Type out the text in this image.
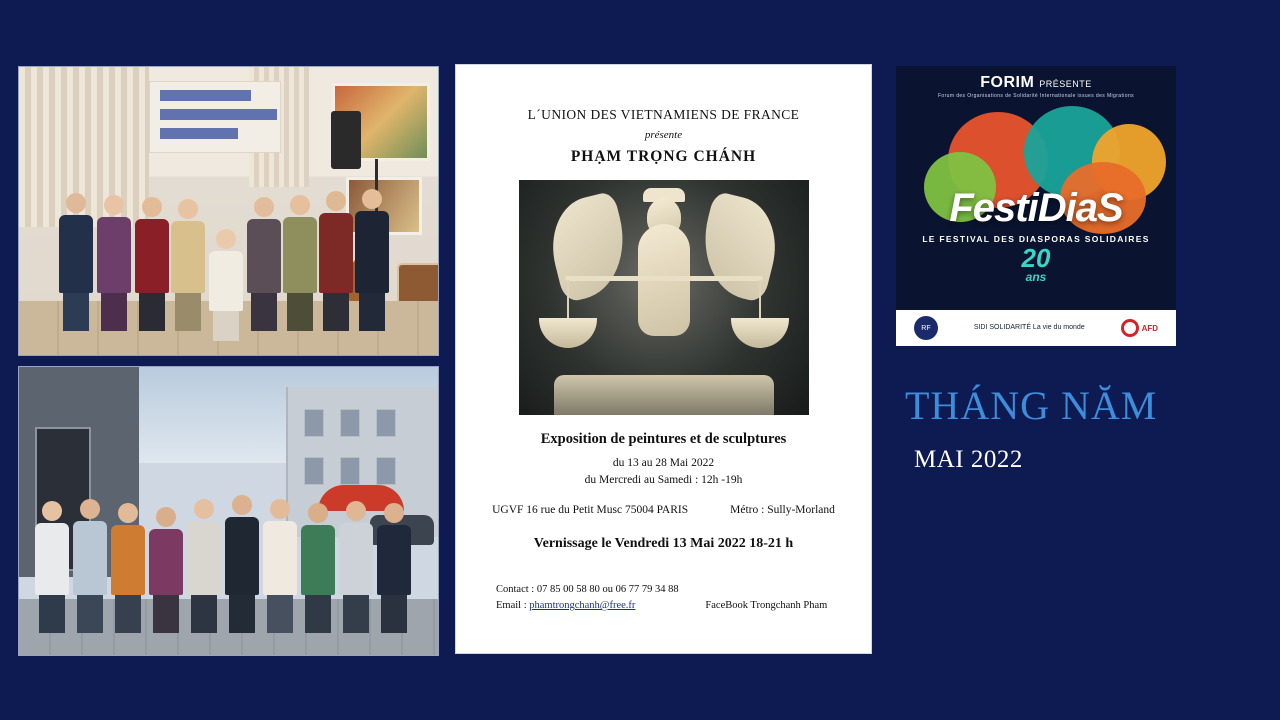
L´UNION DES VIETNAMIENS DE FRANCE
présente
PHẠM TRỌNG CHÁNH
Exposition de peintures et de sculptures
du 13 au 28 Mai 2022
du Mercredi au Samedi : 12h -19h
UGVF 16 rue du Petit Musc 75004 PARIS	Métro : Sully-Morland
Vernissage le Vendredi 13 Mai 2022 18-21 h
Contact : 07 85 00 58 80 ou 06 77 79 34 88
Email : phamtrongchanh@free.fr	FaceBook Trongchanh Pham
FORIM PRÉSENTE
Forum des Organisations de Solidarité Internationale issues des Migrations
FestiDiaS
LE FESTIVAL DES DIASPORAS SOLIDAIRES
20
ans
RF	SIDI SOLIDARITÉ La vie du monde	AFD
THÁNG NĂM
MAI 2022
